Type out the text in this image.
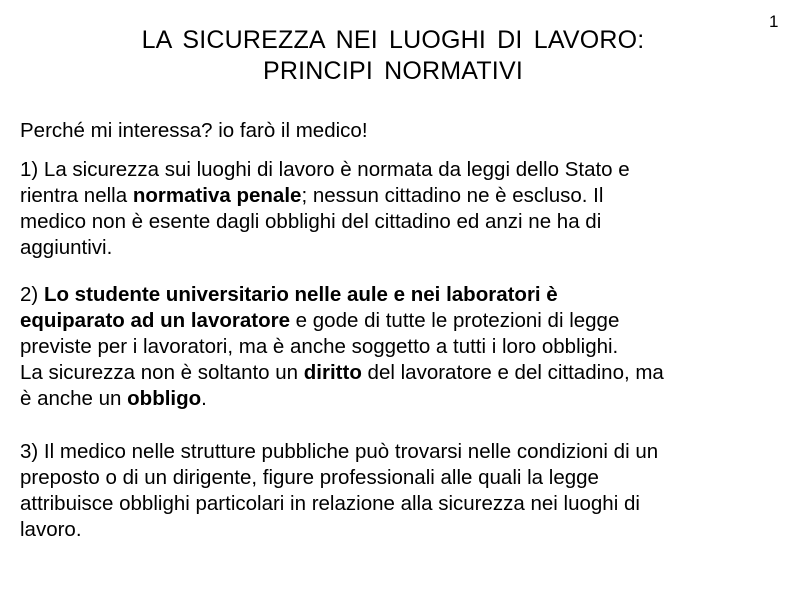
1
LA SICUREZZA NEI LUOGHI DI LAVORO:
PRINCIPI NORMATIVI
Perché mi interessa? io farò il medico!
1) La sicurezza sui luoghi di lavoro è normata da leggi dello Stato e
rientra nella normativa penale; nessun cittadino ne è escluso. Il
medico non è esente dagli obblighi del cittadino ed anzi ne ha di
aggiuntivi.
2) Lo studente universitario nelle aule e nei laboratori è
equiparato ad un lavoratore e gode di tutte le protezioni di legge
previste per i lavoratori, ma è anche soggetto a tutti i loro obblighi.
La sicurezza non è soltanto un diritto del lavoratore e del cittadino, ma
è anche un obbligo.
3) Il medico nelle strutture pubbliche può trovarsi nelle condizioni di un
preposto o di un dirigente, figure professionali alle quali la legge
attribuisce obblighi particolari in relazione alla sicurezza nei luoghi di
lavoro.
